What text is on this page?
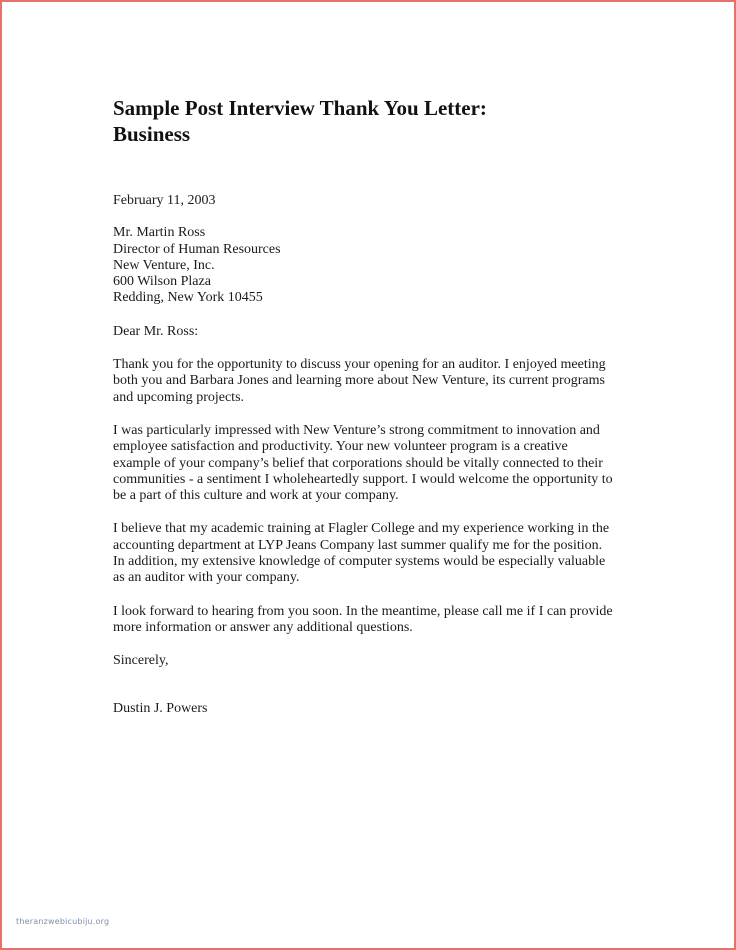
Sample Post Interview Thank You Letter:
Business
February 11, 2003
Mr. Martin Ross
Director of Human Resources
New Venture, Inc.
600 Wilson Plaza
Redding, New York 10455
Dear Mr. Ross:

Thank you for the opportunity to discuss your opening for an auditor. I enjoyed meeting
both you and Barbara Jones and learning more about New Venture, its current programs
and upcoming projects.

I was particularly impressed with New Venture’s strong commitment to innovation and
employee satisfaction and productivity. Your new volunteer program is a creative
example of your company’s belief that corporations should be vitally connected to their
communities - a sentiment I wholeheartedly support. I would welcome the opportunity to
be a part of this culture and work at your company.

I believe that my academic training at Flagler College and my experience working in the
accounting department at LYP Jeans Company last summer qualify me for the position.
In addition, my extensive knowledge of computer systems would be especially valuable
as an auditor with your company.

I look forward to hearing from you soon. In the meantime, please call me if I can provide
more information or answer any additional questions.

Sincerely,
Dustin J. Powers
theranzwebicubiju.org
